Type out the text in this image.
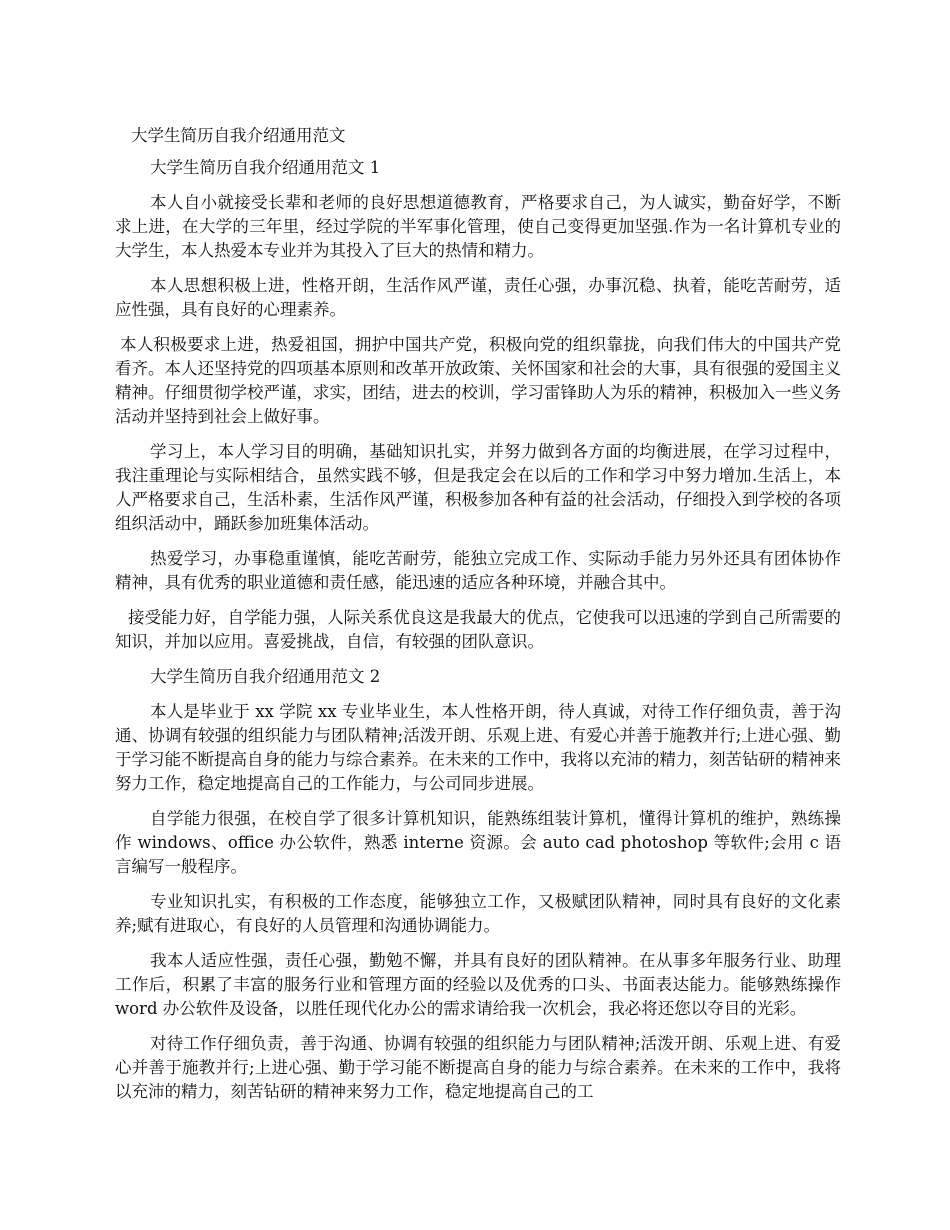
大学生简历自我介绍通用范文

大学生简历自我介绍通用范文 1

本人自小就接受长辈和老师的良好思想道德教育，严格要求自己，为人诚实，勤奋好学，不断求上进，在大学的三年里，经过学院的半军事化管理，使自己变得更加坚强.作为一名计算机专业的大学生，本人热爱本专业并为其投入了巨大的热情和精力。

本人思想积极上进，性格开朗，生活作风严谨，责任心强，办事沉稳、执着，能吃苦耐劳，适应性强，具有良好的心理素养。

本人积极要求上进，热爱祖国，拥护中国共产党，积极向党的组织靠拢，向我们伟大的中国共产党看齐。本人还坚持党的四项基本原则和改革开放政策、关怀国家和社会的大事，具有很强的爱国主义精神。仔细贯彻学校严谨，求实，团结，进去的校训，学习雷锋助人为乐的精神，积极加入一些义务活动并坚持到社会上做好事。

学习上，本人学习目的明确，基础知识扎实，并努力做到各方面的均衡进展，在学习过程中，我注重理论与实际相结合，虽然实践不够，但是我定会在以后的工作和学习中努力增加.生活上，本人严格要求自己，生活朴素，生活作风严谨，积极参加各种有益的社会活动，仔细投入到学校的各项组织活动中，踊跃参加班集体活动。

热爱学习，办事稳重谨慎，能吃苦耐劳，能独立完成工作、实际动手能力另外还具有团体协作精神，具有优秀的职业道德和责任感，能迅速的适应各种环境，并融合其中。

接受能力好，自学能力强，人际关系优良这是我最大的优点，它使我可以迅速的学到自己所需要的知识，并加以应用。喜爱挑战，自信，有较强的团队意识。

大学生简历自我介绍通用范文 2

本人是毕业于 xx 学院 xx 专业毕业生，本人性格开朗，待人真诚，对待工作仔细负责，善于沟通、协调有较强的组织能力与团队精神;活泼开朗、乐观上进、有爱心并善于施教并行;上进心强、勤于学习能不断提高自身的能力与综合素养。在未来的工作中，我将以充沛的精力，刻苦钻研的精神来努力工作，稳定地提高自己的工作能力，与公司同步进展。

自学能力很强，在校自学了很多计算机知识，能熟练组装计算机，懂得计算机的维护，熟练操作 windows、office 办公软件，熟悉 interne 资源。会 auto cad photoshop 等软件;会用 c 语言编写一般程序。

专业知识扎实，有积极的工作态度，能够独立工作，又极赋团队精神，同时具有良好的文化素养;赋有进取心，有良好的人员管理和沟通协调能力。

我本人适应性强，责任心强，勤勉不懈，并具有良好的团队精神。在从事多年服务行业、助理工作后，积累了丰富的服务行业和管理方面的经验以及优秀的口头、书面表达能力。能够熟练操作 word 办公软件及设备，以胜任现代化办公的需求请给我一次机会，我必将还您以夺目的光彩。

对待工作仔细负责，善于沟通、协调有较强的组织能力与团队精神;活泼开朗、乐观上进、有爱心并善于施教并行;上进心强、勤于学习能不断提高自身的能力与综合素养。在未来的工作中，我将以充沛的精力，刻苦钻研的精神来努力工作，稳定地提高自己的工
